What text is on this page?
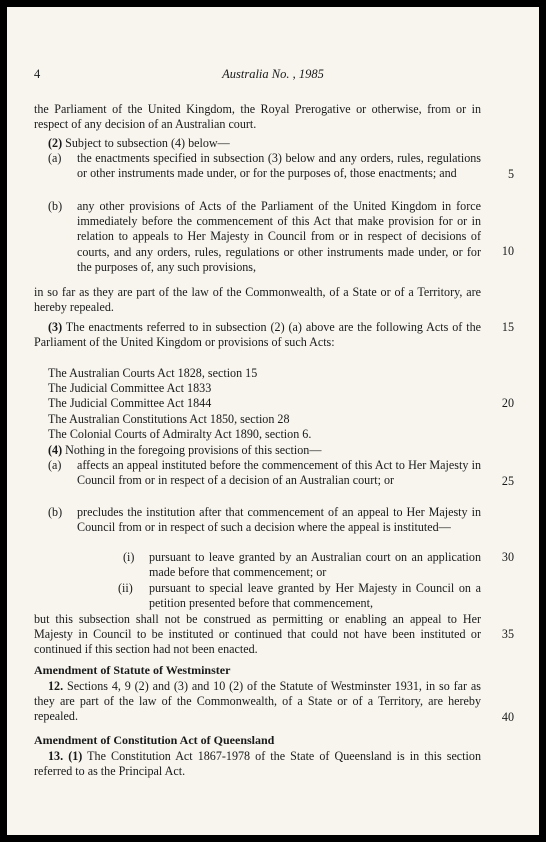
4	Australia No. , 1985

the Parliament of the United Kingdom, the Royal Prerogative or otherwise, from or in respect of any decision of an Australian court.

(2) Subject to subsection (4) below—

(a) the enactments specified in subsection (3) below and any orders, rules, regulations or other instruments made under, or for the purposes of, those enactments; and

(b) any other provisions of Acts of the Parliament of the United Kingdom in force immediately before the commencement of this Act that make provision for or in relation to appeals to Her Majesty in Council from or in respect of decisions of courts, and any orders, rules, regulations or other instruments made under, or for the purposes of, any such provisions,

in so far as they are part of the law of the Commonwealth, of a State or of a Territory, are hereby repealed.

(3) The enactments referred to in subsection (2) (a) above are the following Acts of the Parliament of the United Kingdom or provisions of such Acts:

The Australian Courts Act 1828, section 15
The Judicial Committee Act 1833
The Judicial Committee Act 1844
The Australian Constitutions Act 1850, section 28
The Colonial Courts of Admiralty Act 1890, section 6.

(4) Nothing in the foregoing provisions of this section—

(a) affects an appeal instituted before the commencement of this Act to Her Majesty in Council from or in respect of a decision of an Australian court; or

(b) precludes the institution after that commencement of an appeal to Her Majesty in Council from or in respect of such a decision where the appeal is instituted—

(i) pursuant to leave granted by an Australian court on an application made before that commencement; or

(ii) pursuant to special leave granted by Her Majesty in Council on a petition presented before that commencement,

but this subsection shall not be construed as permitting or enabling an appeal to Her Majesty in Council to be instituted or continued that could not have been instituted or continued if this section had not been enacted.

Amendment of Statute of Westminster

12. Sections 4, 9 (2) and (3) and 10 (2) of the Statute of Westminster 1931, in so far as they are part of the law of the Commonwealth, of a State or of a Territory, are hereby repealed.

Amendment of Constitution Act of Queensland

13. (1) The Constitution Act 1867-1978 of the State of Queensland is in this section referred to as the Principal Act.

5
10
15
20
25
30
35
40
